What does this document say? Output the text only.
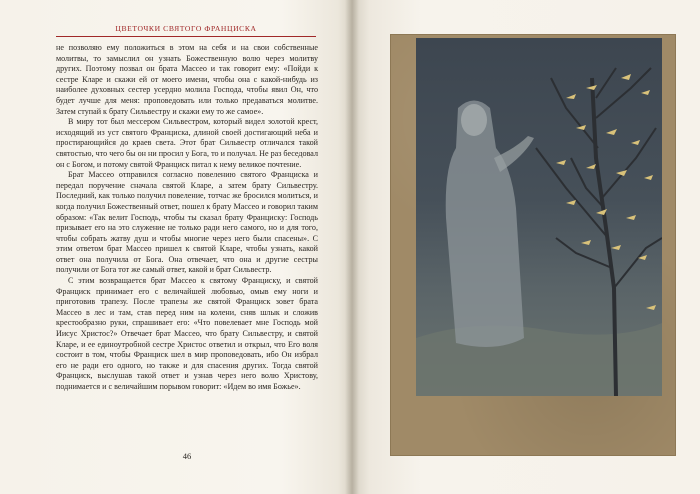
ЦВЕТОЧКИ СВЯТОГО ФРАНЦИСКА

не позволяю ему положиться в этом на себя и на свои собственные молитвы, то замыслил он узнать Божественную волю через молитву других. Поэтому позвал он брата Массео и так говорит ему: «Пойди к сестре Кларе и скажи ей от моего имени, чтобы она с какой-нибудь из наиболее духовных сестер усердно молила Господа, чтобы явил Он, что будет лучше для меня: проповедовать или только предаваться молитве. Затем ступай к брату Сильвестру и скажи ему то же самое».

В миру тот был мессером Сильвестром, который видел золотой крест, исходящий из уст святого Франциска, длиной своей достигающий неба и простирающийся до краев света. Этот брат Сильвестр отличался такой святостью, что чего бы он ни просил у Бога, то и получал. Не раз беседовал он с Богом, и потому святой Франциск питал к нему великое почтение.

Брат Массео отправился согласно повелению святого Франциска и передал поручение сначала святой Кларе, а затем брату Сильвестру. Последний, как только получил повеление, тотчас же бросился молиться, и когда получил Божественный ответ, пошел к брату Массео и говорил таким образом: «Так велит Господь, чтобы ты сказал брату Франциску: Господь призывает его на это служение не только ради него самого, но и для того, чтобы собрать жатву душ и чтобы многие через него были спасены». С этим ответом брат Массео пришел к святой Кларе, чтобы узнать, какой ответ она получила от Бога. Она отвечает, что она и другие сестры получили от Бога тот же самый ответ, какой и брат Сильвестр.

С этим возвращается брат Массео к святому Франциску, и святой Франциск принимает его с величайшей любовью, омыв ему ноги и приготовив трапезу. После трапезы же святой Франциск зовет брата Массео в лес и там, став перед ним на колени, сняв шлык и сложив крестообразно руки, спрашивает его: «Что повелевает мне Господь мой Иисус Христос?» Отвечает брат Массео, что брату Сильвестру, и святой Кларе, и ее единоутробной сестре Христос ответил и открыл, что Его воля состоит в том, чтобы Франциск шел в мир проповедовать, ибо Он избрал его не ради его одного, но также и для спасения других. Тогда святой Франциск, выслушав такой ответ и узнав через него волю Христову, поднимается и с величайшим порывом говорит: «Идем во имя Божье».

46
